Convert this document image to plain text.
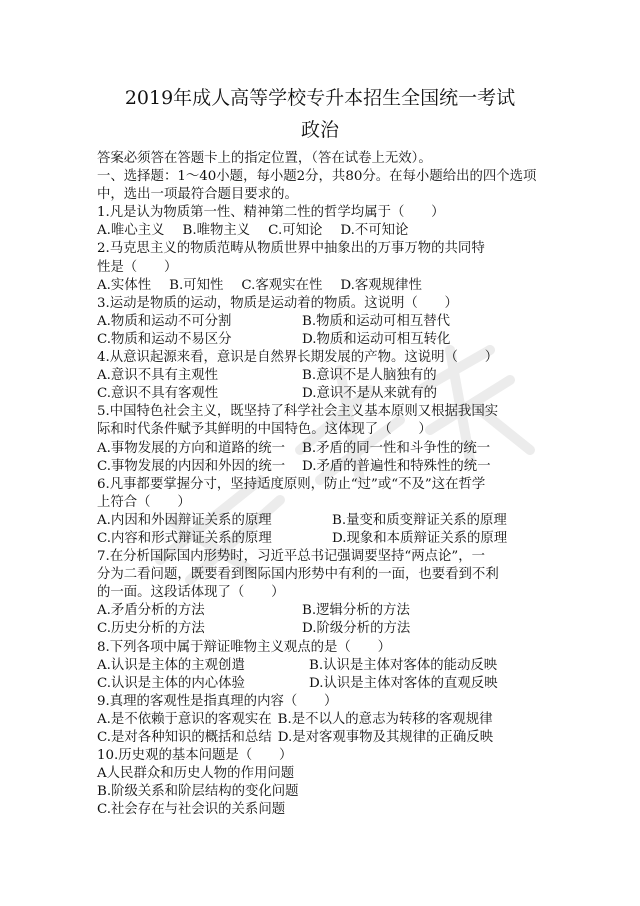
2019年成人高等学校专升本招生全国统一考试
政治
答案必须答在答题卡上的指定位置，（答在试卷上无效）。
一、选择题：1～40小题，每小题2分，共80分。在每小题给出的四个选项中，选出一项最符合题目要求的。
1.凡是认为物质第一性、精神第二性的哲学均属于（　　）
A.唯心主义 B.唯物主义 C.可知论 D.不可知论
2.马克思主义的物质范畴从物质世界中抽象出的万事万物的共同特
性是（　　）
A.实体性 B.可知性 C.客观实在性 D.客观规律性
3.运动是物质的运动，物质是运动着的物质。这说明（　　）
A.物质和运动不可分割	B.物质和运动可相互替代
C.物质和运动不易区分	D.物质和运动可相互转化
4.从意识起源来看，意识是自然界长期发展的产物。这说明（　　）
A.意识不具有主观性	B.意识不是人脑独有的
C.意识不具有客观性	D.意识不是从来就有的
5.中国特色社会主义，既坚持了科学社会主义基本原则又根据我国实
际和时代条件赋予其鲜明的中国特色。这体现了（　　）
A.事物发展的方向和道路的统一	B.矛盾的同一性和斗争性的统一
C.事物发展的内因和外因的统一	D.矛盾的普遍性和特殊性的统一
6.凡事都要掌握分寸，坚持适度原则，防止“过”或“不及”这在哲学
上符合（　　）
A.内因和外因辩证关系的原理	B.量变和质变辩证关系的原理
C.内容和形式辩证关系的原理	D.现象和本质辩证关系的原理
7.在分析国际国内形势时，习近平总书记强调要坚持“两点论”，一
分为二看问题，既要看到图际国内形势中有利的一面，也要看到不利
的一面。这段话体现了（　　）
A.矛盾分析的方法	B.逻辑分析的方法
C.历史分析的方法	D.阶级分析的方法
8.下列各项中属于辩证唯物主义观点的是（　　）
A.认识是主体的主观创遣	B.认识是主体对客体的能动反映
C.认识是主体的内心体验	D.认识是主体对客体的直观反映
9.真理的客观性是指真理的内容（　　）
A.是不依赖于意识的客观实在 B.是不以人的意志为转移的客观规律
C.是对各种知识的概括和总结 D.是对客观事物及其规律的正确反映
10.历史观的基本问题是（　　）
A人民群众和历史人物的作用问题
B.阶级关系和阶层结构的变化问题
C.社会存在与社会识的关系问题
